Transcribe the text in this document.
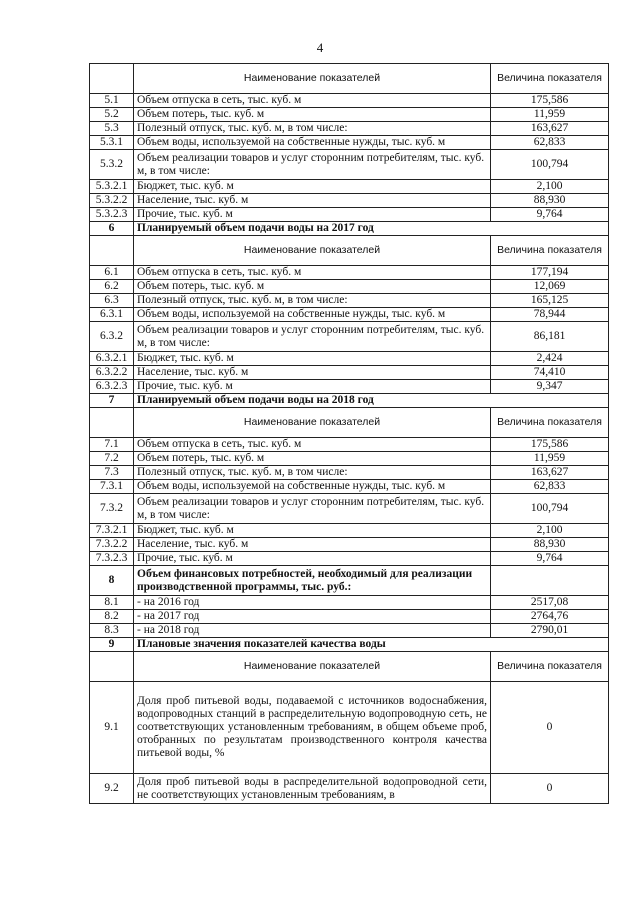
4
	Наименование показателей	Величина показателя
5.1	Объем отпуска в сеть, тыс. куб. м	175,586
5.2	Объем потерь, тыс. куб. м	11,959
5.3	Полезный отпуск, тыс. куб. м, в том числе:	163,627
5.3.1	Объем воды, используемой на собственные нужды, тыс. куб. м	62,833
5.3.2	Объем реализации товаров и услуг сторонним потребителям, тыс. куб. м, в том числе:	100,794
5.3.2.1	Бюджет, тыс. куб. м	2,100
5.3.2.2	Население, тыс. куб. м	88,930
5.3.2.3	Прочие, тыс. куб. м	9,764
6	Планируемый объем подачи воды на 2017 год	
	Наименование показателей	Величина показателя
6.1	Объем отпуска в сеть, тыс. куб. м	177,194
6.2	Объем потерь, тыс. куб. м	12,069
6.3	Полезный отпуск, тыс. куб. м, в том числе:	165,125
6.3.1	Объем воды, используемой на собственные нужды, тыс. куб. м	78,944
6.3.2	Объем реализации товаров и услуг сторонним потребителям, тыс. куб. м, в том числе:	86,181
6.3.2.1	Бюджет, тыс. куб. м	2,424
6.3.2.2	Население, тыс. куб. м	74,410
6.3.2.3	Прочие, тыс. куб. м	9,347
7	Планируемый объем подачи воды на 2018 год	
	Наименование показателей	Величина показателя
7.1	Объем отпуска в сеть, тыс. куб. м	175,586
7.2	Объем потерь, тыс. куб. м	11,959
7.3	Полезный отпуск, тыс. куб. м, в том числе:	163,627
7.3.1	Объем воды, используемой на собственные нужды, тыс. куб. м	62,833
7.3.2	Объем реализации товаров и услуг сторонним потребителям, тыс. куб. м, в том числе:	100,794
7.3.2.1	Бюджет, тыс. куб. м	2,100
7.3.2.2	Население, тыс. куб. м	88,930
7.3.2.3	Прочие, тыс. куб. м	9,764
8	Объем финансовых потребностей, необходимый для реализации производственной программы, тыс. руб.:	
8.1	- на 2016 год	2517,08
8.2	- на 2017 год	2764,76
8.3	- на 2018 год	2790,01
9	Плановые значения показателей качества воды	
	Наименование показателей	Величина показателя
9.1	Доля проб питьевой воды, подаваемой с источников водоснабжения, водопроводных станций в распределительную водопроводную сеть, не соответствующих установленным требованиям, в общем объеме проб, отобранных по результатам производственного контроля качества питьевой воды, %	0
9.2	Доля проб питьевой воды в распределительной водопроводной сети, не соответствующих установленным требованиям, в	0
